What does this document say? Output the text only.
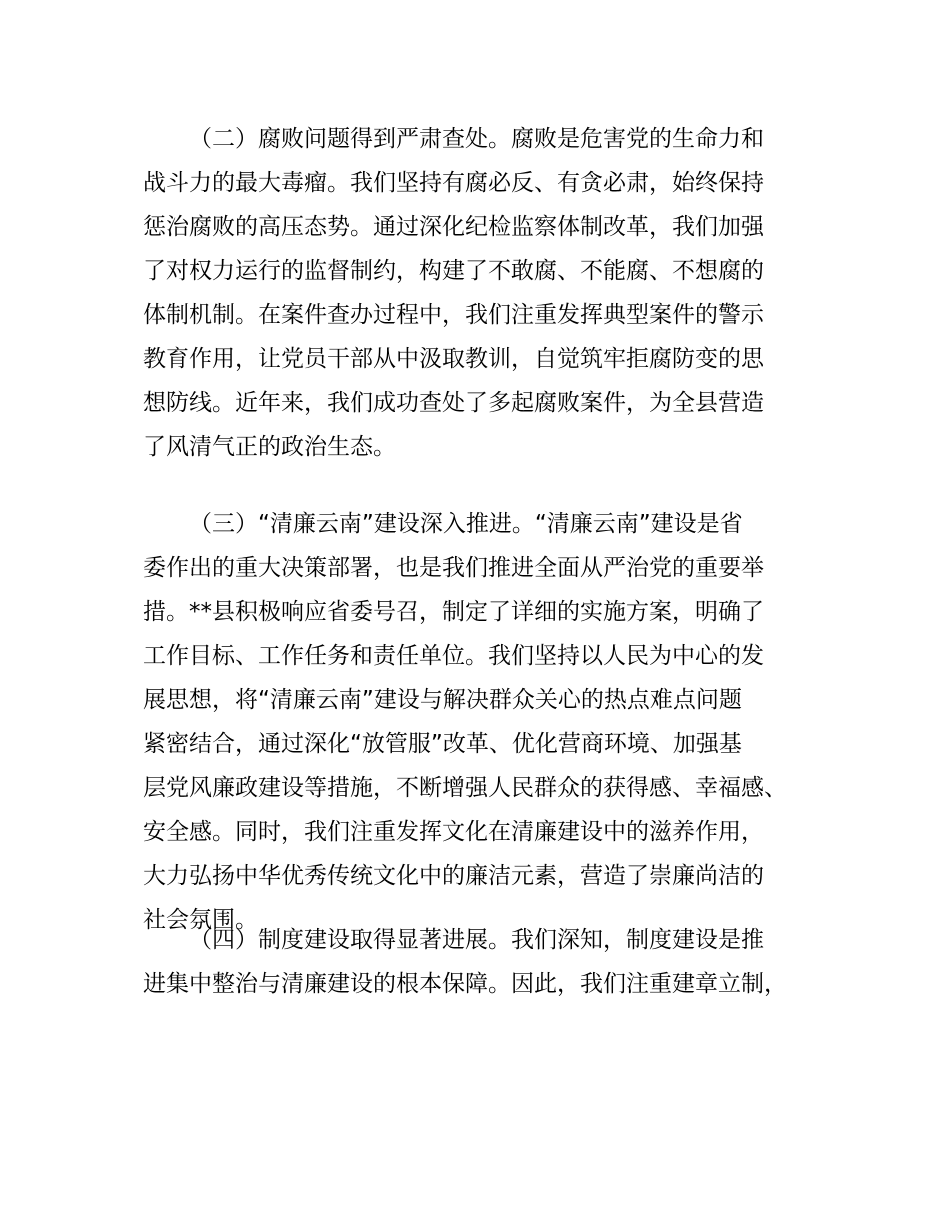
（二）腐败问题得到严肃查处。腐败是危害党的生命力和
战斗力的最大毒瘤。我们坚持有腐必反、有贪必肃，始终保持
惩治腐败的高压态势。通过深化纪检监察体制改革，我们加强
了对权力运行的监督制约，构建了不敢腐、不能腐、不想腐的
体制机制。在案件查办过程中，我们注重发挥典型案件的警示
教育作用，让党员干部从中汲取教训，自觉筑牢拒腐防变的思
想防线。近年来，我们成功查处了多起腐败案件，为全县营造
了风清气正的政治生态。
（三）“清廉云南”建设深入推进。“清廉云南”建设是省
委作出的重大决策部署，也是我们推进全面从严治党的重要举
措。**县积极响应省委号召，制定了详细的实施方案，明确了
工作目标、工作任务和责任单位。我们坚持以人民为中心的发
展思想，将“清廉云南”建设与解决群众关心的热点难点问题
紧密结合，通过深化“放管服”改革、优化营商环境、加强基
层党风廉政建设等措施，不断增强人民群众的获得感、幸福感、
安全感。同时，我们注重发挥文化在清廉建设中的滋养作用，
大力弘扬中华优秀传统文化中的廉洁元素，营造了崇廉尚洁的
社会氛围。
（四）制度建设取得显著进展。我们深知，制度建设是推
进集中整治与清廉建设的根本保障。因此，我们注重建章立制，
